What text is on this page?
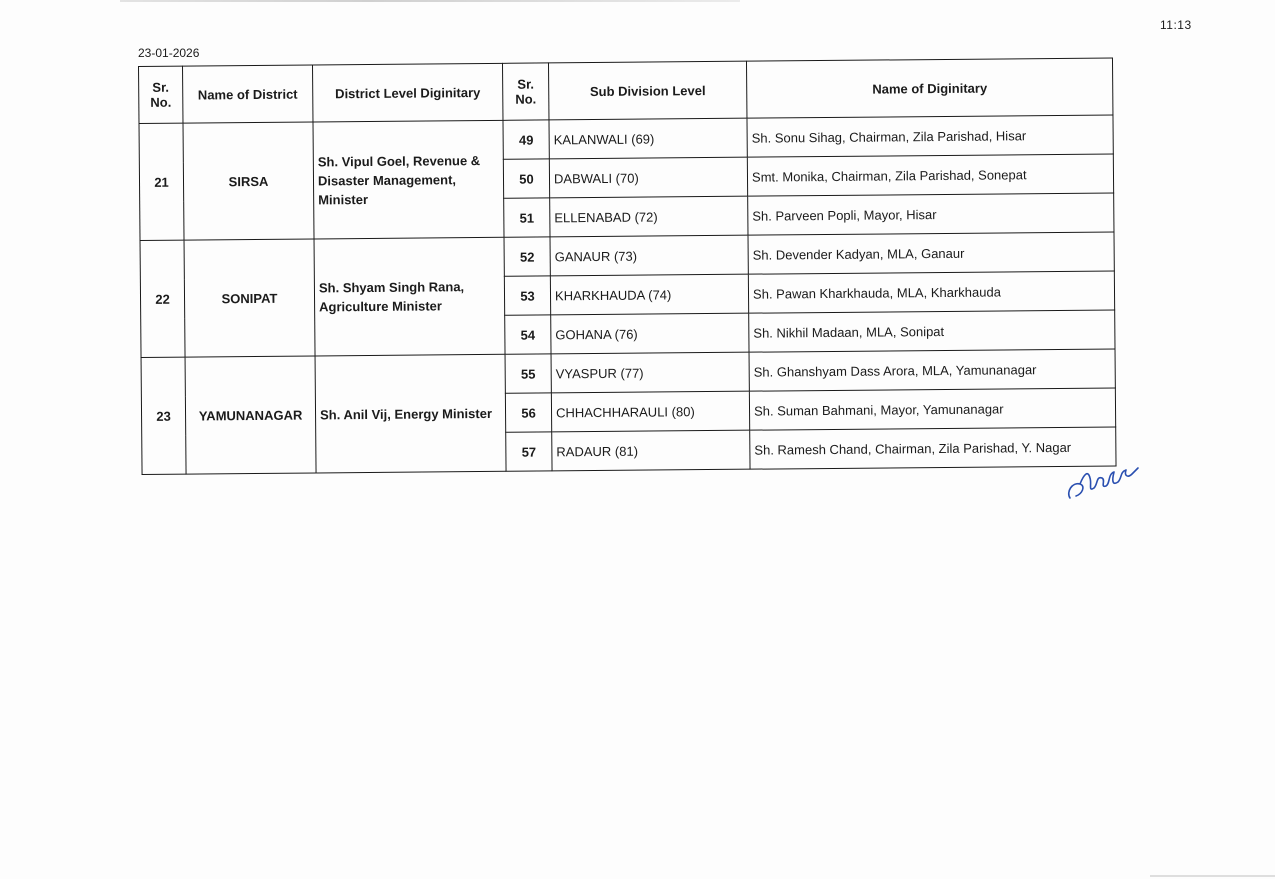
11:13
23-01-2026
Sr. No.	Name of District	District Level Diginitary	Sr. No.	Sub Division Level	Name of Diginitary
21	SIRSA	Sh. Vipul Goel, Revenue & Disaster Management, Minister	49	KALANWALI (69)	Sh. Sonu Sihag, Chairman, Zila Parishad, Hisar
			50	DABWALI (70)	Smt. Monika, Chairman, Zila Parishad, Sonepat
			51	ELLENABAD (72)	Sh. Parveen Popli, Mayor, Hisar
22	SONIPAT	Sh. Shyam Singh Rana, Agriculture Minister	52	GANAUR (73)	Sh. Devender Kadyan, MLA, Ganaur
			53	KHARKHAUDA (74)	Sh. Pawan Kharkhauda, MLA, Kharkhauda
			54	GOHANA (76)	Sh. Nikhil Madaan, MLA, Sonipat
23	YAMUNANAGAR	Sh. Anil Vij, Energy Minister	55	VYASPUR (77)	Sh. Ghanshyam Dass Arora, MLA, Yamunanagar
			56	CHHACHHARAULI (80)	Sh. Suman Bahmani, Mayor, Yamunanagar
			57	RADAUR (81)	Sh. Ramesh Chand, Chairman, Zila Parishad, Y. Nagar
